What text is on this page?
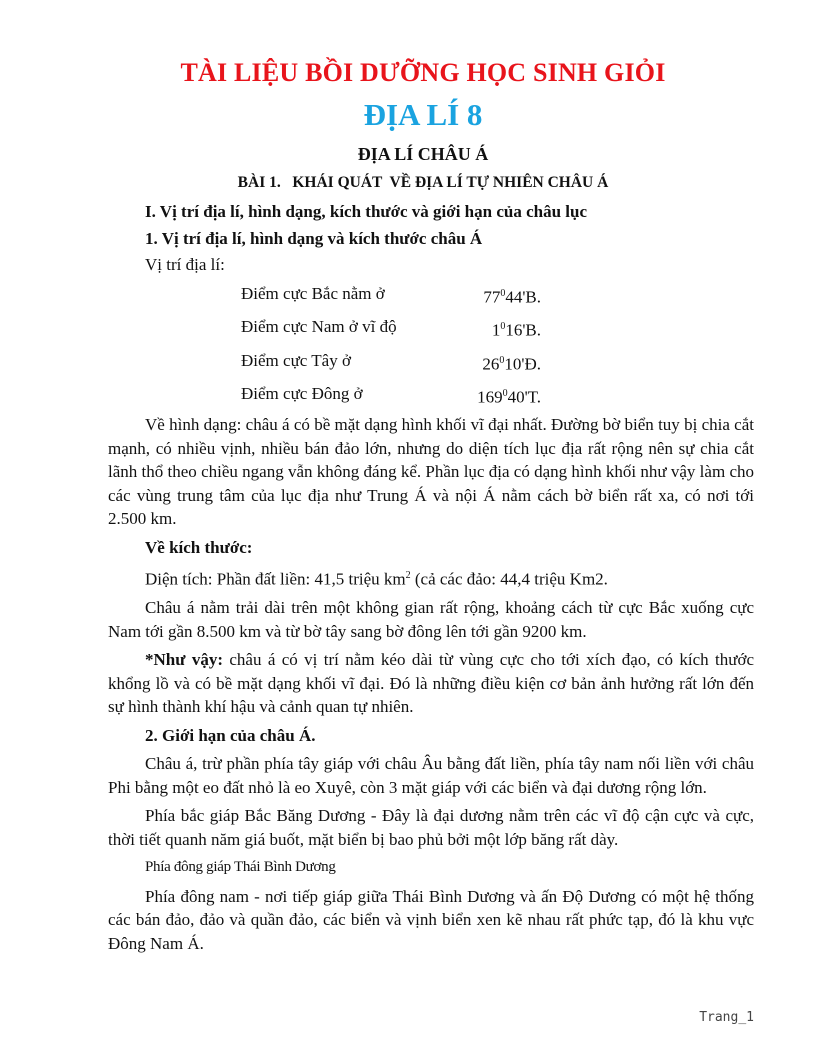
TÀI LIỆU BỒI DƯỠNG HỌC SINH GIỎI
ĐỊA LÍ 8
ĐỊA LÍ CHÂU Á
BÀI 1.   KHÁI QUÁT  VỀ ĐỊA LÍ TỰ NHIÊN CHÂU Á

I. Vị trí địa lí, hình dạng, kích thước và giới hạn của châu lục

1. Vị trí địa lí, hình dạng và kích thước châu Á

Vị trí địa lí:

Điểm cực Bắc nằm ở	$77^044'B$.
Điểm cực Nam ở vĩ độ	$1^016'B$.
Điểm cực Tây ở	$26^010'Đ$.
Điểm cực Đông ở	$169^040'T$.

Về hình dạng: châu á có bề mặt dạng hình khối vĩ đại nhất. Đường bờ biển tuy bị chia cắt mạnh, có nhiều vịnh, nhiều bán đảo lớn, nhưng do diện tích lục địa rất rộng nên sự chia cắt lãnh thổ theo chiều ngang vẫn không đáng kể. Phần lục địa có dạng hình khối như vậy làm cho các vùng trung tâm của lục địa như Trung Á và nội Á nằm cách bờ biển rất xa, có nơi tới 2.500 km.

Về kích thước:

Diện tích: Phần đất liền: 41,5 triệu $km^2$ (cả các đảo: 44,4 triệu Km2.

Châu á nằm trải dài trên một không gian rất rộng, khoảng cách từ cực Bắc xuống cực Nam tới gần 8.500 km và từ bờ tây sang bờ đông lên tới gần 9200 km.

*Như vậy: châu á có vị trí nằm kéo dài từ vùng cực cho tới xích đạo, có kích thước khổng lồ và có bề mặt dạng khối vĩ đại. Đó là những điều kiện cơ bản ảnh hưởng rất lớn đến sự hình thành khí hậu và cảnh quan tự nhiên.

2. Giới hạn của châu Á.

Châu á, trừ phần phía tây giáp với châu Âu bằng đất liền, phía tây nam nối liền với châu Phi bằng một eo đất nhỏ là eo Xuyê, còn 3 mặt giáp với các biển và đại dương rộng lớn.

Phía bắc giáp Bắc Băng Dương - Đây là đại dương nằm trên các vĩ độ cận cực và cực, thời tiết quanh năm giá buốt, mặt biển bị bao phủ bởi một lớp băng rất dày.

Phía đông giáp Thái Bình Dương

Phía đông nam - nơi tiếp giáp giữa Thái Bình Dương và ấn Độ Dương có một hệ thống các bán đảo, đảo và quần đảo, các biển và vịnh biển xen kẽ nhau rất phức tạp, đó là khu vực Đông Nam Á.

Trang_1
